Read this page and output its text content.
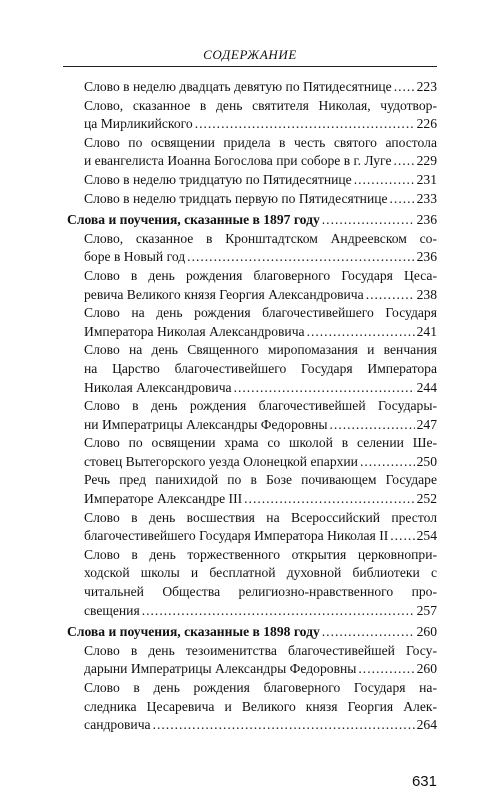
СОДЕРЖАНИЕ
Слово в неделю двадцать девятую по Пятидесятнице ..... 223
Слово, сказанное в день святителя Николая, чудотвор-
ца Мирликийского .....	226
Слово по освящении придела в честь святого апостола
и евангелиста Иоанна Богослова при соборе в г. Луге ..... 229
Слово в неделю тридцатую по Пятидесятнице .....	231
Слово в неделю тридцать первую по Пятидесятнице ..... 233
Слова и поучения, сказанные в 1897 году .....	236
Слово, сказанное в Кронштадтском Андреевском со-
боре в Новый год .....	236
Слово в день рождения благоверного Государя Цеса-
ревича Великого князя Георгия Александровича .....	238
Слово на день рождения благочестивейшего Государя
Императора Николая Александровича .....	241
Слово на день Священного миропомазания и венчания
на Царство благочестивейшего Государя Императора
Николая Александровича .....	244
Слово в день рождения благочестивейшей Государы-
ни Императрицы Александры Федоровны .....	247
Слово по освящении храма со школой в селении Ше-
стовец Вытегорского уезда Олонецкой епархии .....	250
Речь пред панихидой по в Бозе почивающем Государе
Императоре Александре III .....	252
Слово в день восшествия на Всероссийский престол
благочестивейшего Государя Императора Николая II ..... 254
Слово в день торжественного открытия церковнопри-
ходской школы и бесплатной духовной библиотеки с
читальней Общества религиозно-нравственного про-
свещения .....	257
Слова и поучения, сказанные в 1898 году .....	260
Слово в день тезоименитства благочестивейшей Госу-
дарыни Императрицы Александры Федоровны .....	260
Слово в день рождения благоверного Государя на-
следника Цесаревича и Великого князя Георгия Алек-
сандровича .....	264
631
